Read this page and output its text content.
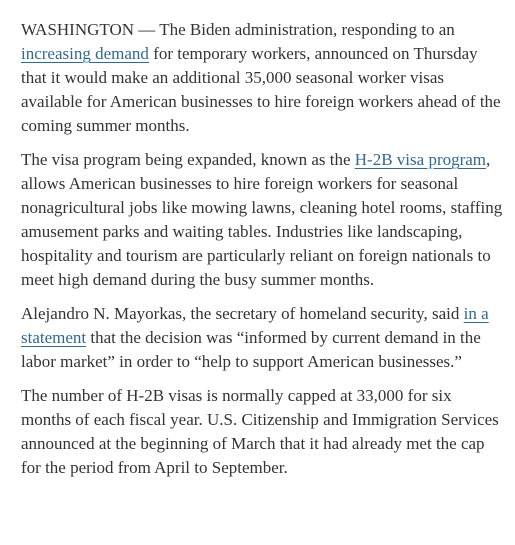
WASHINGTON — The Biden administration, responding to an increasing demand for temporary workers, announced on Thursday that it would make an additional 35,000 seasonal worker visas available for American businesses to hire foreign workers ahead of the coming summer months.

The visa program being expanded, known as the H-2B visa program, allows American businesses to hire foreign workers for seasonal nonagricultural jobs like mowing lawns, cleaning hotel rooms, staffing amusement parks and waiting tables. Industries like landscaping, hospitality and tourism are particularly reliant on foreign nationals to meet high demand during the busy summer months.

Alejandro N. Mayorkas, the secretary of homeland security, said in a statement that the decision was “informed by current demand in the labor market” in order to “help to support American businesses.”

The number of H-2B visas is normally capped at 33,000 for six months of each fiscal year. U.S. Citizenship and Immigration Services announced at the beginning of March that it had already met the cap for the period from April to September.
